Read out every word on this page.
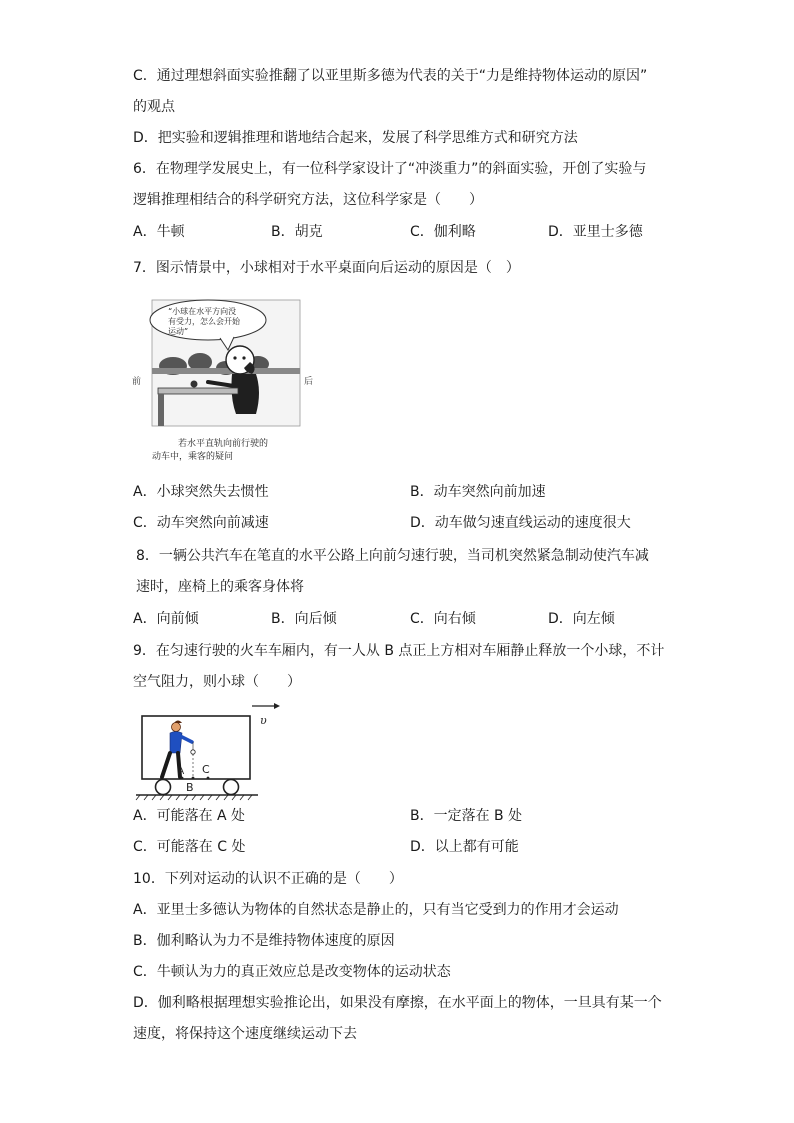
C．通过理想斜面实验推翻了以亚里斯多德为代表的关于“力是维持物体运动的原因”
的观点
D．把实验和逻辑推理和谐地结合起来，发展了科学思维方式和研究方法
6．在物理学发展史上，有一位科学家设计了“冲淡重力”的斜面实验，开创了实验与
逻辑推理相结合的科学研究方法，这位科学家是（　　）
A．牛顿	B．胡克	C．伽利略	D．亚里士多德
7．图示情景中，小球相对于水平桌面向后运动的原因是（　）
“小球在水平方向没
有受力，怎么会开始
运动”
前	后
若水平直轨向前行驶的
动车中，乘客的疑问
A．小球突然失去惯性	B．动车突然向前加速
C．动车突然向前减速	D．动车做匀速直线运动的速度很大
8．一辆公共汽车在笔直的水平公路上向前匀速行驶，当司机突然紧急制动使汽车减
速时，座椅上的乘客身体将
A．向前倾	B．向后倾	C．向右倾	D．向左倾
9．在匀速行驶的火车车厢内，有一人从 B 点正上方相对车厢静止释放一个小球，不计
空气阻力，则小球（　　）
υ
A
B
C
A．可能落在 A 处	B．一定落在 B 处
C．可能落在 C 处	D．以上都有可能
10．下列对运动的认识不正确的是（　　）
A．亚里士多德认为物体的自然状态是静止的，只有当它受到力的作用才会运动
B．伽利略认为力不是维持物体速度的原因
C．牛顿认为力的真正效应总是改变物体的运动状态
D．伽利略根据理想实验推论出，如果没有摩擦，在水平面上的物体，一旦具有某一个
速度，将保持这个速度继续运动下去
